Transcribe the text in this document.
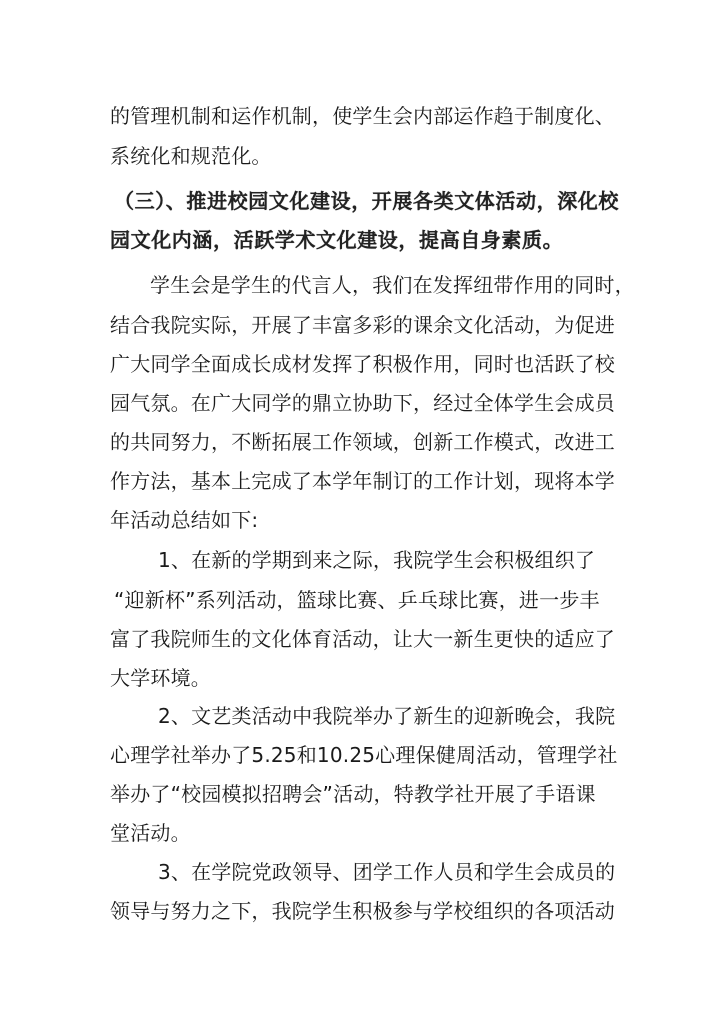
的管理机制和运作机制，使学生会内部运作趋于制度化、
系统化和规范化。
（三）、推进校园文化建设，开展各类文体活动，深化校
园文化内涵，活跃学术文化建设，提高自身素质。
学生会是学生的代言人，我们在发挥纽带作用的同时，
结合我院实际，开展了丰富多彩的课余文化活动，为促进
广大同学全面成长成材发挥了积极作用，同时也活跃了校
园气氛。在广大同学的鼎立协助下，经过全体学生会成员
的共同努力，不断拓展工作领域，创新工作模式，改进工
作方法，基本上完成了本学年制订的工作计划，现将本学
年活动总结如下:
1、在新的学期到来之际，我院学生会积极组织了
“迎新杯”系列活动，篮球比赛、乒乓球比赛，进一步丰
富了我院师生的文化体育活动，让大一新生更快的适应了
大学环境。
2、文艺类活动中我院举办了新生的迎新晚会，我院
心理学社举办了5.25和10.25心理保健周活动，管理学社
举办了“校园模拟招聘会”活动，特教学社开展了手语课
堂活动。
3、在学院党政领导、团学工作人员和学生会成员的
领导与努力之下，我院学生积极参与学校组织的各项活动
